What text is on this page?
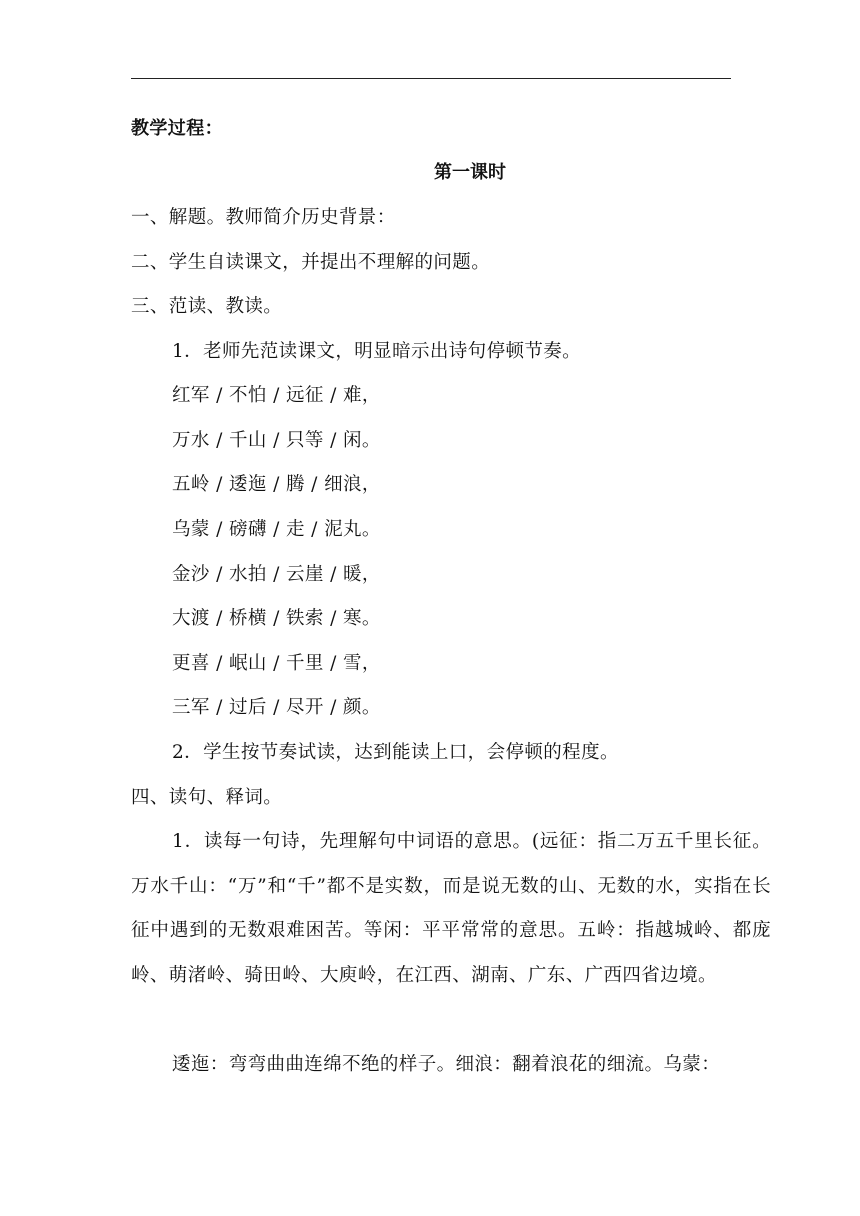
教学过程：
第一课时
一、解题。教师简介历史背景：
二、学生自读课文，并提出不理解的问题。
三、范读、教读。
1．老师先范读课文，明显暗示出诗句停顿节奏。
红军 / 不怕 / 远征 / 难，
万水 / 千山 / 只等 / 闲。
五岭 / 逶迤 / 腾 / 细浪，
乌蒙 / 磅礴 / 走 / 泥丸。
金沙 / 水拍 / 云崖 / 暖，
大渡 / 桥横 / 铁索 / 寒。
更喜 / 岷山 / 千里 / 雪，
三军 / 过后 / 尽开 / 颜。
2．学生按节奏试读，达到能读上口，会停顿的程度。
四、读句、释词。
1．读每一句诗，先理解句中词语的意思。(远征：指二万五千里长征。万水千山：“万”和“千”都不是实数，而是说无数的山、无数的水，实指在长征中遇到的无数艰难困苦。等闲：平平常常的意思。五岭：指越城岭、都庞岭、萌渚岭、骑田岭、大庾岭，在江西、湖南、广东、广西四省边境。
逶迤：弯弯曲曲连绵不绝的样子。细浪：翻着浪花的细流。乌蒙：
